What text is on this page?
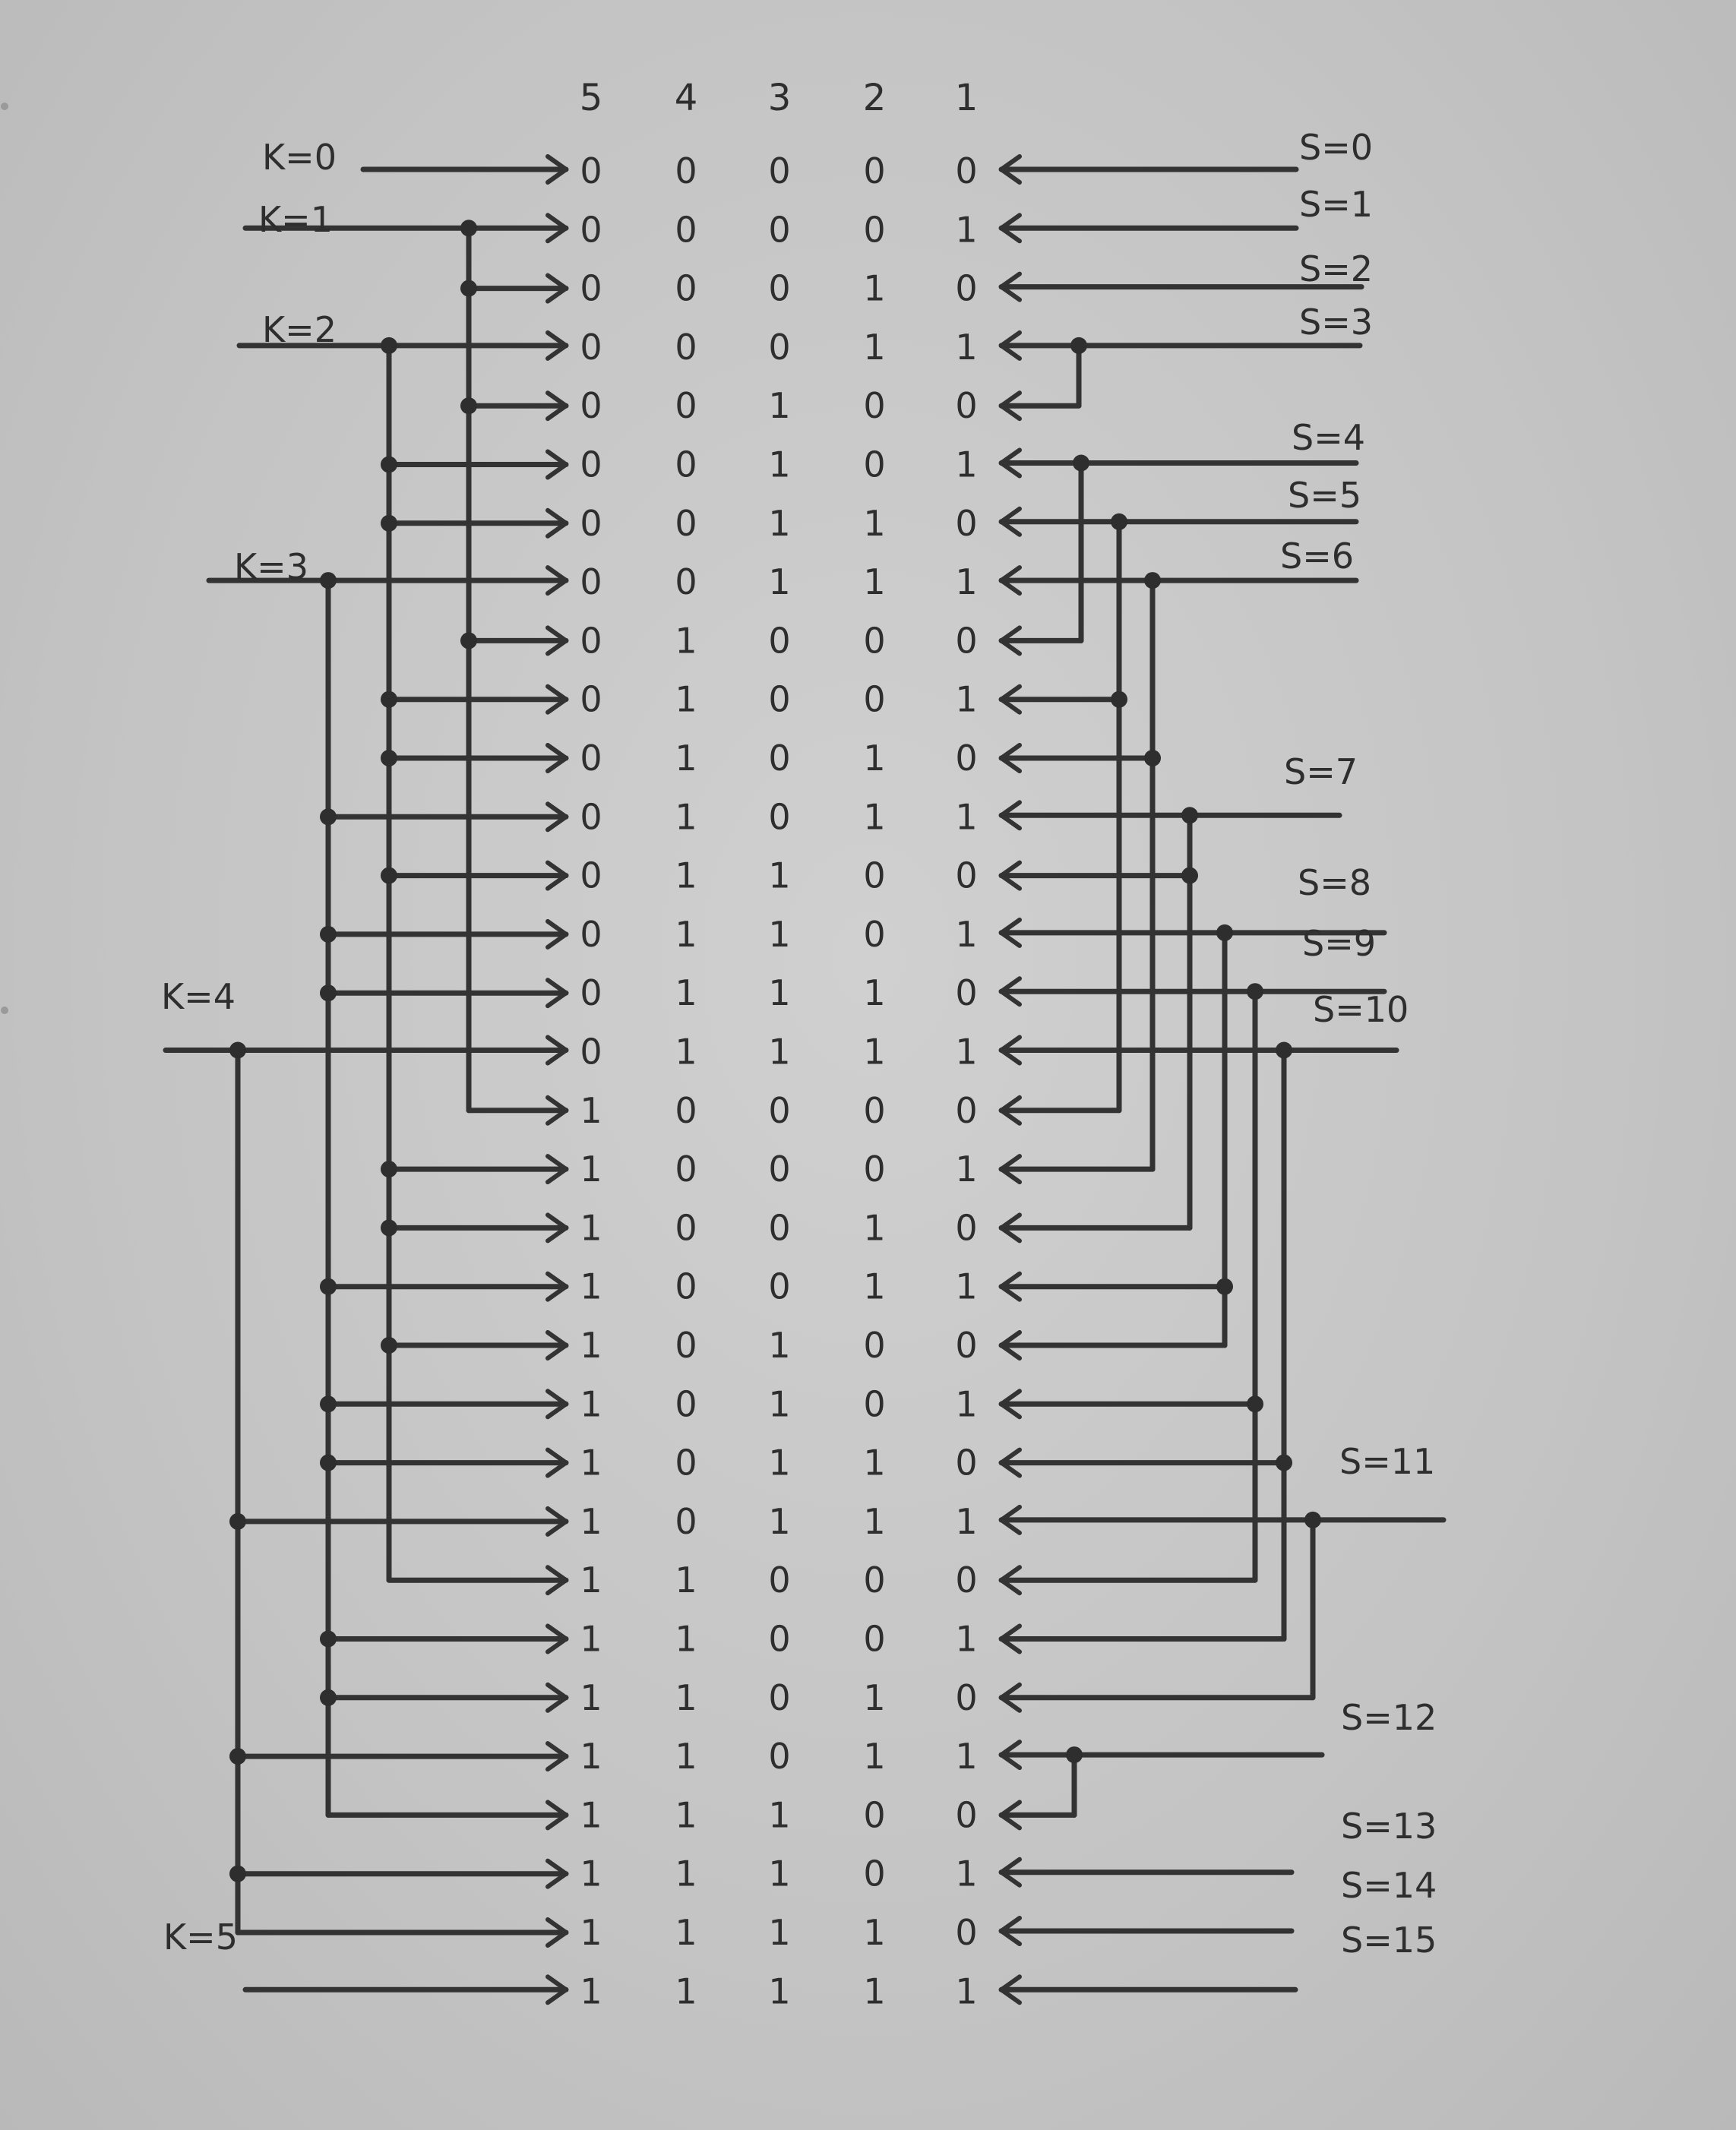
5 4 3 2 1
0 0 0 0 0
0 0 0 0 1
0 0 0 1 0
0 0 0 1 1
0 0 1 0 0
0 0 1 0 1
0 0 1 1 0
0 0 1 1 1
0 1 0 0 0
0 1 0 0 1
0 1 0 1 0
0 1 0 1 1
0 1 1 0 0
0 1 1 0 1
0 1 1 1 0
0 1 1 1 1
1 0 0 0 0
1 0 0 0 1
1 0 0 1 0
1 0 0 1 1
1 0 1 0 0
1 0 1 0 1
1 0 1 1 0
1 0 1 1 1
1 1 0 0 0
1 1 0 0 1
1 1 0 1 0
1 1 0 1 1
1 1 1 0 0
1 1 1 0 1
1 1 1 1 0
1 1 1 1 1
K=0
K=1
K=2
K=3
K=4
K=5
S=0
S=1
S=2
S=3
S=4
S=5
S=6
S=7
S=8
S=9
S=10
S=11
S=12
S=13
S=14
S=15
